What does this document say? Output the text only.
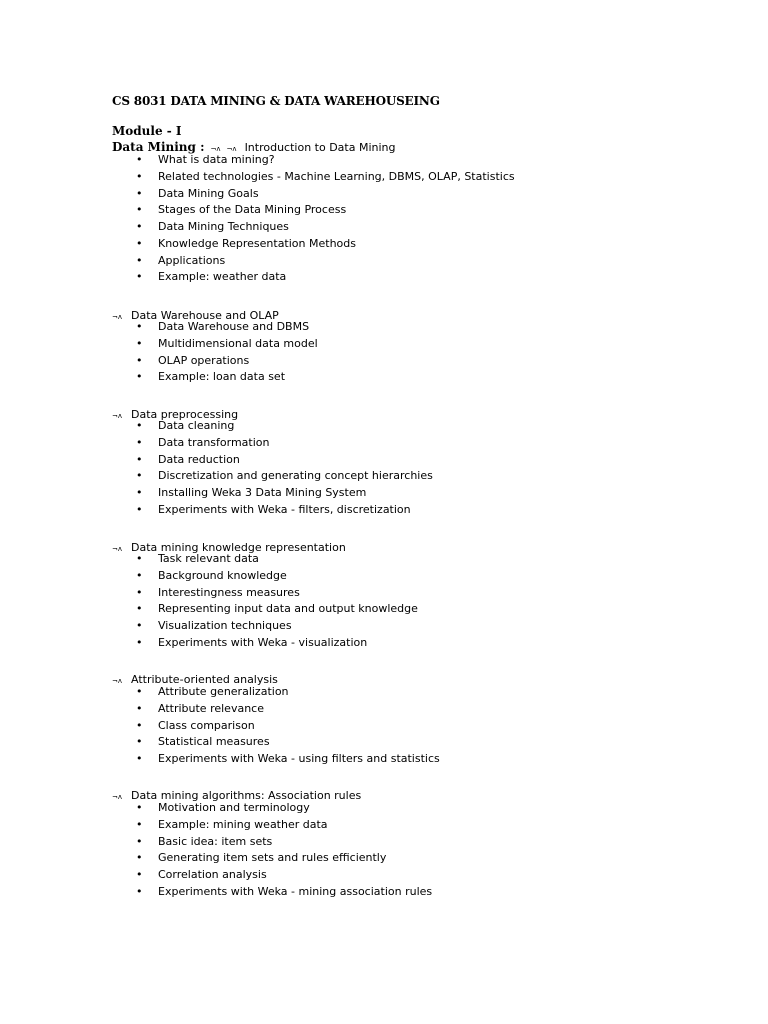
CS 8031 DATA MINING & DATA WAREHOUSEING
Module - I
Data Mining : ¬ʌ ¬ʌ Introduction to Data Mining
• What is data mining?
• Related technologies - Machine Learning, DBMS, OLAP, Statistics
• Data Mining Goals
• Stages of the Data Mining Process
• Data Mining Techniques
• Knowledge Representation Methods
• Applications
• Example: weather data
¬ʌ Data Warehouse and OLAP
• Data Warehouse and DBMS
• Multidimensional data model
• OLAP operations
• Example: loan data set
¬ʌ Data preprocessing
• Data cleaning
• Data transformation
• Data reduction
• Discretization and generating concept hierarchies
• Installing Weka 3 Data Mining System
• Experiments with Weka - filters, discretization
¬ʌ Data mining knowledge representation
• Task relevant data
• Background knowledge
• Interestingness measures
• Representing input data and output knowledge
• Visualization techniques
• Experiments with Weka - visualization
¬ʌ Attribute-oriented analysis
• Attribute generalization
• Attribute relevance
• Class comparison
• Statistical measures
• Experiments with Weka - using filters and statistics
¬ʌ Data mining algorithms: Association rules
• Motivation and terminology
• Example: mining weather data
• Basic idea: item sets
• Generating item sets and rules efficiently
• Correlation analysis
• Experiments with Weka - mining association rules
